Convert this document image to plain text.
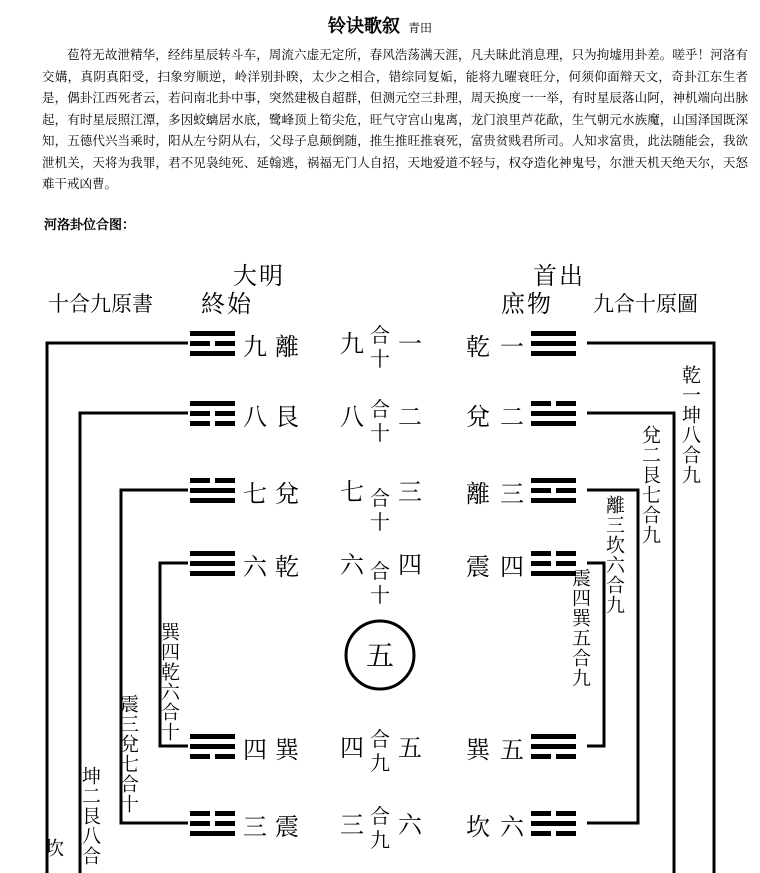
铃诀歌叙 青田
苞符无故泄精华，经纬星辰转斗车，周流六虚无定所，春风浩荡满天涯，凡夫昧此消息理，只为拘墟用卦差。嗟乎！河洛有交媾，真阴真阳受，扫象穷顺逆，岭洋别卦睽，太少之相合，错综同复姤，能将九曜衰旺分，何须仰面辩天文，奇卦江东生者是，偶卦江西死者云，若问南北卦中事，突然建极自超群，但测元空三卦理，周天换度一一举，有时星辰落山阿，神机端向出脉起，有时星辰照江潭，多因蛟螭居水底，鹭峰顶上筍尖危，旺气守宫山鬼离，龙门浪里芦花歃，生气朝元水族魔，山国泽国既深知，五德代兴当乘时，阳从左兮阴从右，父母子息颠倒随，推生推旺推衰死，富贵贫贱君所司。人知求富贵，此法随能会，我欲泄机关，天将为我罪，君不见袅纯死、延翰逃，祸福无门人自招，天地爱道不轻与，权夺造化神鬼号，尔泄天机天绝天尔，天怒难干戒凶曹。
河洛卦位合图：
十合九原書	九合十原圖
大明
終始
首出
庶物
九 離
八 艮
七 兌
六 乾
四 巽
三 震
乾 一
兌 二
離 三
震 四
巽 五
坎 六
九 合
十
一
八 合
十
二
七 合
十
三
六 合
十
四
四 合
九
五
三 合
九
六
五
乾一坤八合九
兌二艮七合九
離三坎六合九
震四巽五合九
巽四乾六合十
震三兌七合十
坤二艮八合
坎
